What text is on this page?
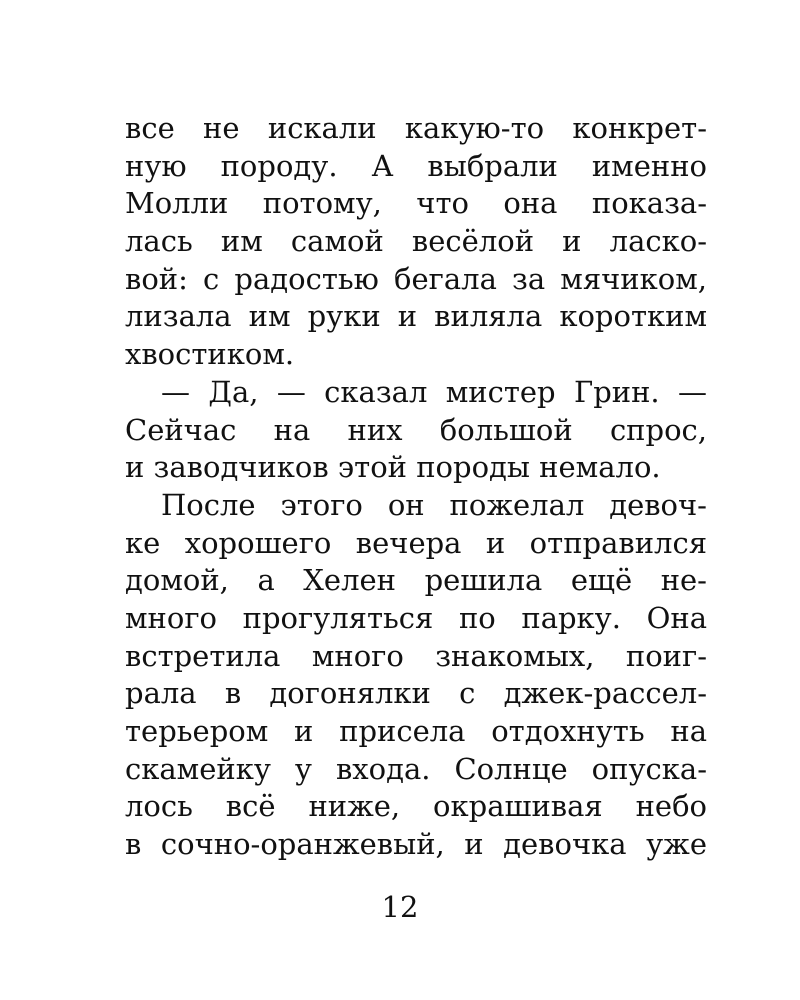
все не искали какую-то конкрет-
ную породу. А выбрали именно
Молли потому, что она показа-
лась им самой весёлой и ласко-
вой: с радостью бегала за мячиком,
лизала им руки и виляла коротким
хвостиком.
— Да, — сказал мистер Грин. —
Сейчас на них большой спрос,
и заводчиков этой породы немало.
После этого он пожелал девоч-
ке хорошего вечера и отправился
домой, а Хелен решила ещё не-
много прогуляться по парку. Она
встретила много знакомых, поиг-
рала в догонялки с джек-рассел-
терьером и присела отдохнуть на
скамейку у входа. Солнце опуска-
лось всё ниже, окрашивая небо
в сочно-оранжевый, и девочка уже
12
